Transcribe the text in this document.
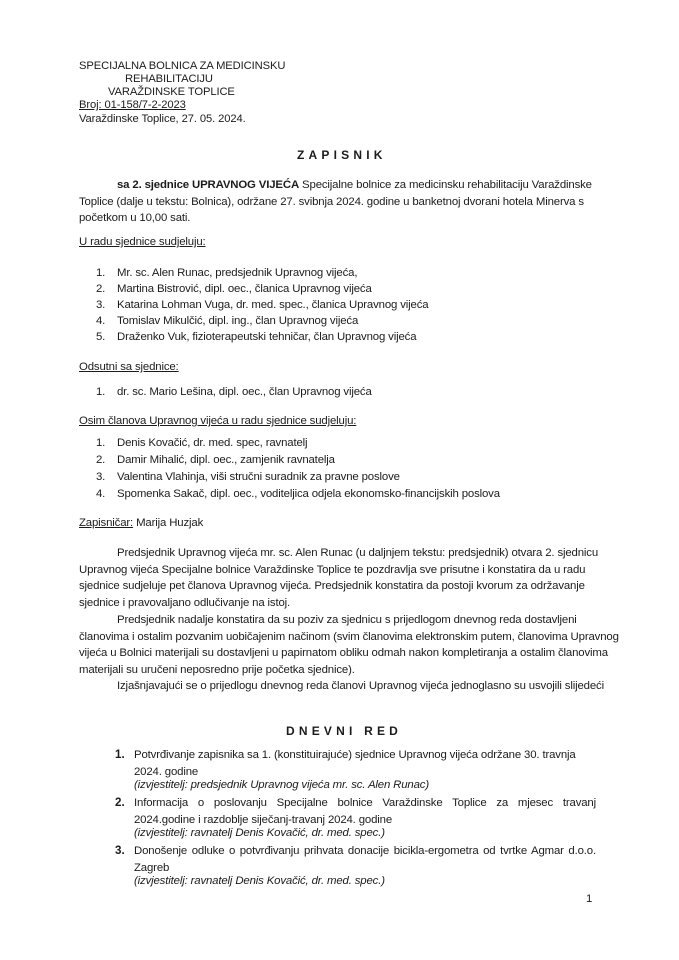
SPECIJALNA BOLNICA ZA MEDICINSKU
REHABILITACIJU
VARAŽDINSKE TOPLICE
Broj: 01-158/7-2-2023
Varaždinske Toplice, 27. 05. 2024.
ZAPISNIK
sa 2. sjednice UPRAVNOG VIJEĆA Specijalne bolnice za medicinsku rehabilitaciju Varaždinske Toplice (dalje u tekstu: Bolnica), održane 27. svibnja 2024. godine u banketnoj dvorani hotela Minerva s početkom u 10,00 sati.
U radu sjednice sudjeluju:
1. Mr. sc. Alen Runac, predsjednik Upravnog vijeća,
2. Martina Bistrović, dipl. oec., članica Upravnog vijeća
3. Katarina Lohman Vuga, dr. med. spec., članica Upravnog vijeća
4. Tomislav Mikulčić, dipl. ing., član Upravnog vijeća
5. Draženko Vuk, fizioterapeutski tehničar, član Upravnog vijeća
Odsutni sa sjednice:
1. dr. sc. Mario Lešina, dipl. oec., član Upravnog vijeća
Osim članova Upravnog vijeća u radu sjednice sudjeluju:
1. Denis Kovačić, dr. med. spec, ravnatelj
2. Damir Mihalić, dipl. oec., zamjenik ravnatelja
3. Valentina Vlahinja, viši stručni suradnik za pravne poslove
4. Spomenka Sakač, dipl. oec., voditeljica odjela ekonomsko-financijskih poslova
Zapisničar: Marija Huzjak
Predsjednik Upravnog vijeća mr. sc. Alen Runac (u daljnjem tekstu: predsjednik) otvara 2. sjednicu Upravnog vijeća Specijalne bolnice Varaždinske Toplice te pozdravlja sve prisutne i konstatira da u radu sjednice sudjeluje pet članova Upravnog vijeća. Predsjednik konstatira da postoji kvorum za održavanje sjednice i pravovaljano odlučivanje na istoj.
Predsjednik nadalje konstatira da su poziv za sjednicu s prijedlogom dnevnog reda dostavljeni članovima i ostalim pozvanim uobičajenim načinom (svim članovima elektronskim putem, članovima Upravnog vijeća u Bolnici materijali su dostavljeni u papirnatom obliku odmah nakon kompletiranja a ostalim članovima materijali su uručeni neposredno prije početka sjednice).
Izjašnjavajući se o prijedlogu dnevnog reda članovi Upravnog vijeća jednoglasno su usvojili slijedeći
DNEVNI RED
1. Potvrđivanje zapisnika sa 1. (konstituirajuće) sjednice Upravnog vijeća održane 30. travnja 2024. godine
(izvjestitelj: predsjednik Upravnog vijeća mr. sc. Alen Runac)
2. Informacija o poslovanju Specijalne bolnice Varaždinske Toplice za mjesec travanj 2024.godine i razdoblje siječanj-travanj 2024. godine
(izvjestitelj: ravnatelj Denis Kovačić, dr. med. spec.)
3. Donošenje odluke o potvrđivanju prihvata donacije bicikla-ergometra od tvrtke Agmar d.o.o. Zagreb
(izvjestitelj: ravnatelj Denis Kovačić, dr. med. spec.)
1
